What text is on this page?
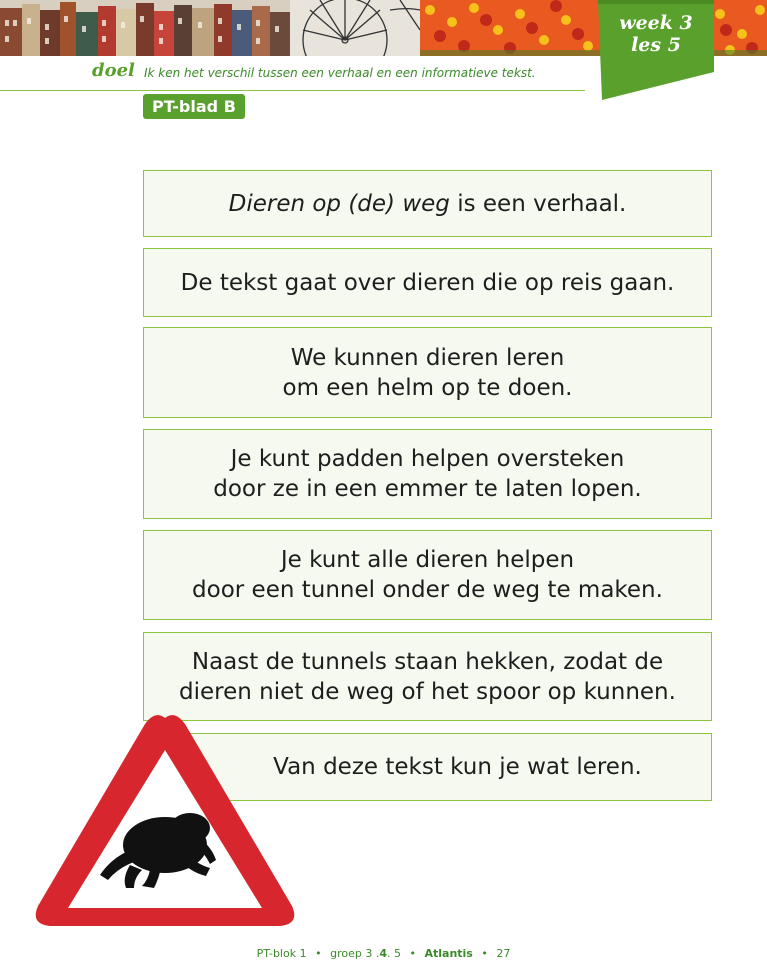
week 3
les 5
doel Ik ken het verschil tussen een verhaal en een informatieve tekst.
PT-blad B
Dieren op (de) weg is een verhaal.
De tekst gaat over dieren die op reis gaan.
We kunnen dieren leren
om een helm op te doen.
Je kunt padden helpen oversteken
door ze in een emmer te laten lopen.
Je kunt alle dieren helpen
door een tunnel onder de weg te maken.
Naast de tunnels staan hekken, zodat de
dieren niet de weg of het spoor op kunnen.
Van deze tekst kun je wat leren.
PT-blok 1 • groep 3 .4. 5 • Atlantis • 27
